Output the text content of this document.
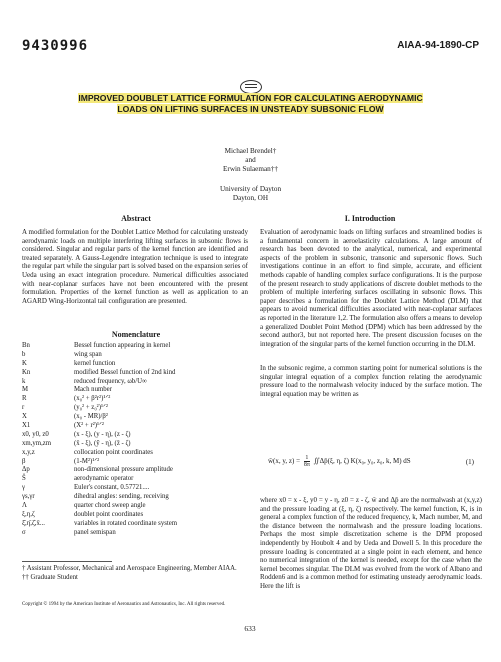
9430996	AIAA-94-1890-CP
IMPROVED DOUBLET LATTICE FORMULATION FOR CALCULATING AERODYNAMIC
LOADS ON LIFTING SURFACES IN UNSTEADY SUBSONIC FLOW
Michael Brendel†
and
Erwin Sulaeman††
University of Dayton
Dayton, OH
Abstract
A modified formulation for the Doublet Lattice Method for calculating unsteady aerodynamic loads on multiple interfering lifting surfaces in subsonic flows is considered. Singular and regular parts of the kernel function are identified and treated separately. A Gauss-Legendre integration technique is used to integrate the regular part while the singular part is solved based on the expansion series of Ueda using an exact integration procedure. Numerical difficulties associated with near-coplanar surfaces have not been encountered with the present formulation. Properties of the kernel function as well as application to an AGARD Wing-Horizontal tail configuration are presented.
Nomenclature
Bn	Bessel function appearing in kernel
b	wing span
K	kernel function
Kn	modified Bessel function of 2nd kind
k	reduced frequency, ωb/U∞
M	Mach number
R	(x₀² + β²r²)¹ᐟ²
r	(y₀² + z₀²)¹ᐟ²
X	(x₀ - MR)/β²
X1	(X² + r²)¹ᐟ²
x0, y0, z0	(x - ξ), (y - η), (z - ζ)
xm,ym,zm	(x̄ - ξ), (ȳ - η), (z̄ - ζ)
x,y,z	collocation point coordinates
β	(1-M²)¹ᐟ²
Δp	non-dimensional pressure amplitude
Š	aerodynamic operator
γ	Euler's constant, 0.57721....
γs,γr	dihedral angles: sending, receiving
Λ	quarter chord sweep angle
ξ,η,ζ	doublet point coordinates
ξ̄,η̄,ζ̄,x̄...	variables in rotated coordinate system
σ	panel semispan
† Assistant Professor, Mechanical and Aerospace Engineering, Member AIAA.
†† Graduate Student
Copyright © 1994 by the American Institute of Aeronautics and Astronautics, Inc. All rights reserved.
633
I. Introduction
Evaluation of aerodynamic loads on lifting surfaces and streamlined bodies is a fundamental concern in aeroelasticity calculations. A large amount of research has been devoted to the analytical, numerical, and experimental aspects of the problem in subsonic, transonic and supersonic flows. Such investigations continue in an effort to find simple, accurate, and efficient methods capable of handling complex surface configurations. It is the purpose of the present research to study applications of discrete doublet methods to the problem of multiple interfering surfaces oscillating in subsonic flows. This paper describes a formulation for the Doublet Lattice Method (DLM) that appears to avoid numerical difficulties associated with near-coplanar surfaces as reported in the literature 1,2. The formulation also offers a means to develop a generalized Doublet Point Method (DPM) which has been addressed by the second author3, but not reported here. The present discussion focuses on the integration of the singular parts of the kernel function occurring in the DLM.
In the subsonic regime, a common starting point for numerical solutions is the singular integral equation of a complex function relating the aerodynamic pressure load to the normalwash velocity induced by the surface motion. The integral equation may be written as
w̄(x, y, $z) = \frac{1}{8\pi}$ ∬Δp̄(ξ, η, ζ) K(x₀, y₀, z₀, k, M) dS	(1)
where x0 = x - ξ, y0 = y - η, z0 = z - ζ, w̄ and Δp̄ are the normalwash at (x,y,z) and the pressure loading at (ξ, η, ζ) respectively. The kernel function, K, is in general a complex function of the reduced frequency, k, Mach number, M, and the distance between the normalwash and the pressure loading locations. Perhaps the most simple discretization scheme is the DPM proposed independently by Houbolt 4 and by Ueda and Dowell 5. In this procedure the pressure loading is concentrated at a single point in each element, and hence no numerical integration of the kernel is needed, except for the case when the kernel becomes singular. The DLM was evolved from the work of Albano and Rodden6 and is a common method for estimating unsteady aerodynamic loads. Here the lift is
